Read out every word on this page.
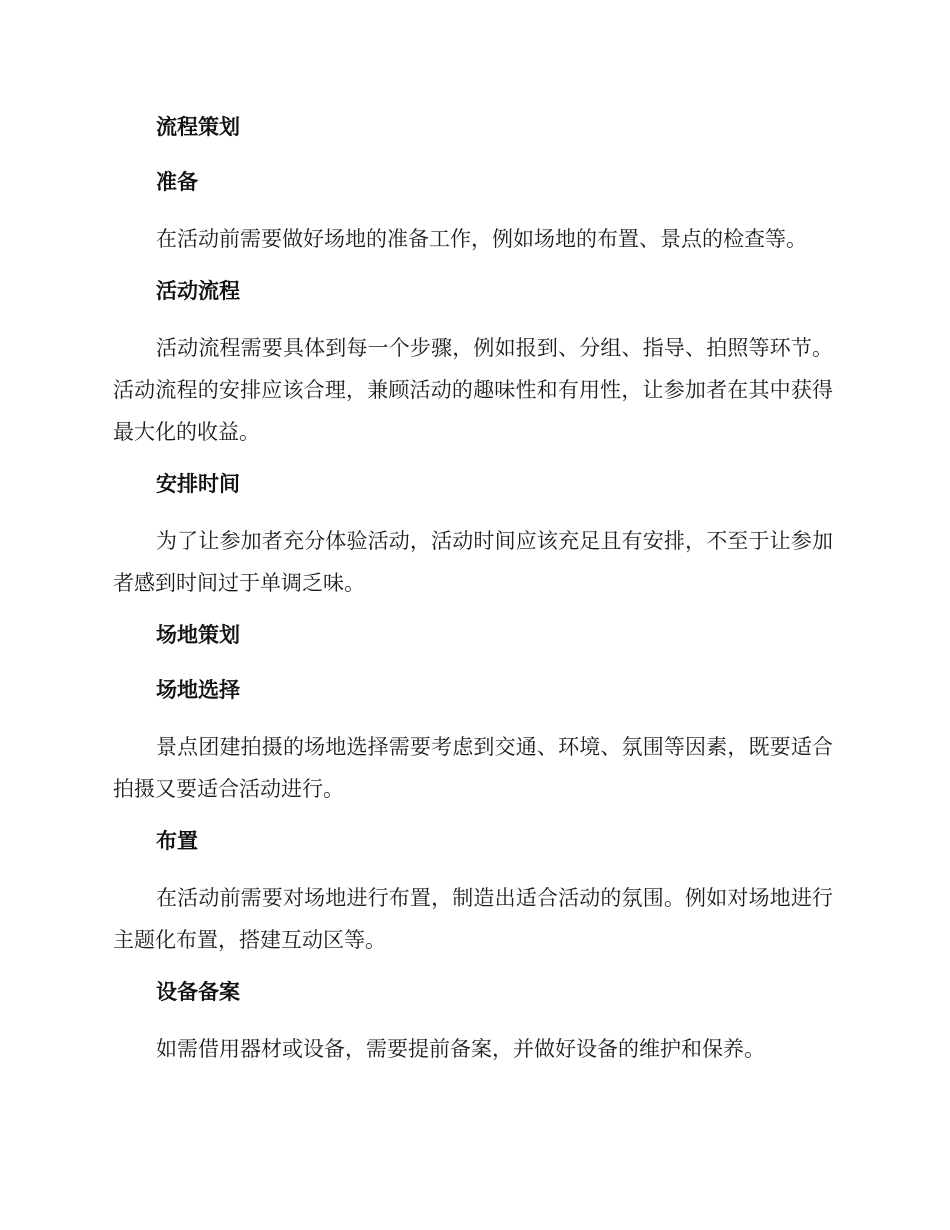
流程策划
准备

在活动前需要做好场地的准备工作，例如场地的布置、景点的检查等。

活动流程

活动流程需要具体到每一个步骤，例如报到、分组、指导、拍照等环节。活动流程的安排应该合理，兼顾活动的趣味性和有用性，让参加者在其中获得最大化的收益。

安排时间

为了让参加者充分体验活动，活动时间应该充足且有安排，不至于让参加者感到时间过于单调乏味。

场地策划
场地选择

景点团建拍摄的场地选择需要考虑到交通、环境、氛围等因素，既要适合拍摄又要适合活动进行。

布置

在活动前需要对场地进行布置，制造出适合活动的氛围。例如对场地进行主题化布置，搭建互动区等。

设备备案

如需借用器材或设备，需要提前备案，并做好设备的维护和保养。
